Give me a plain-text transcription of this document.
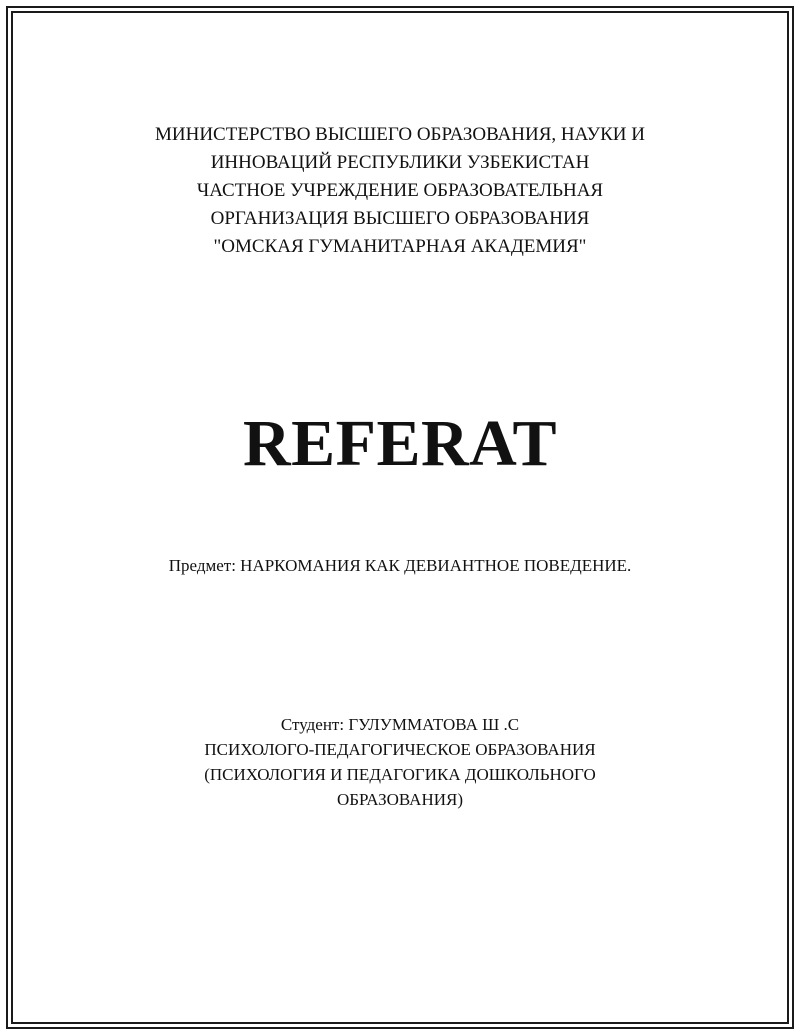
МИНИСТЕРСТВО ВЫСШЕГО ОБРАЗОВАНИЯ, НАУКИ И
ИННОВАЦИЙ РЕСПУБЛИКИ УЗБЕКИСТАН
ЧАСТНОЕ УЧРЕЖДЕНИЕ ОБРАЗОВАТЕЛЬНАЯ
ОРГАНИЗАЦИЯ ВЫСШЕГО ОБРАЗОВАНИЯ
"ОМСКАЯ ГУМАНИТАРНАЯ АКАДЕМИЯ"
REFERAT
Предмет: НАРКОМАНИЯ КАК ДЕВИАНТНОЕ ПОВЕДЕНИЕ.
Студент: ГУЛУММАТОВА Ш .С
ПСИХОЛОГО-ПЕДАГОГИЧЕСКОЕ ОБРАЗОВАНИЯ
(ПСИХОЛОГИЯ И ПЕДАГОГИКА ДОШКОЛЬНОГО
ОБРАЗОВАНИЯ)
